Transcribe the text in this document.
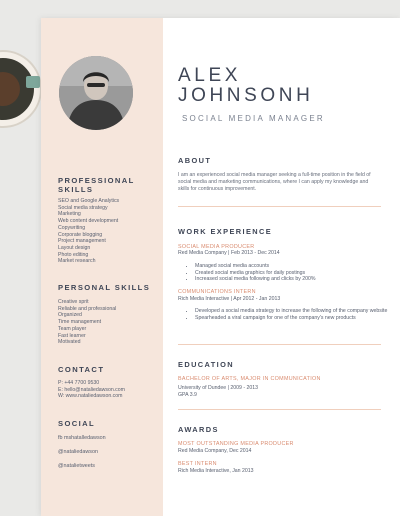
PROFESSIONAL SKILLS
SEO and Google Analytics
Social media strategy
Marketing
Web content development
Copywriting
Corporate blogging
Project management
Layout design
Photo editing
Market research
PERSONAL SKILLS
Creative sprit
Reliable and professional
Organized
Time management
Team player
Fast learner
Motivated
CONTACT
P: +44 7700 9530
E: hello@nataliedawson.com
W: www.nataliedawson.com
SOCIAL
fb mshatalledawson
@nataliedawson
@natalietweets
ALEX
JOHNSONH
SOCIAL MEDIA MANAGER
ABOUT
I am an experienced social media manager seeking a full-time position in the field of social media and marketing communications, where I can apply my knowledge and skills for continuous improvement.
WORK EXPERIENCE
SOCIAL MEDIA PRODUCER
Red Media Company | Feb 2013 - Dec 2014
• Managed social media accounts
• Created social media graphics for daily postings
• Increased social media following and clicks by 200%
COMMUNICATIONS INTERN
Rich Media Interactive | Apr 2012 - Jan 2013
• Developed a social media strategy to increase the following of the company website
• Spearheaded a viral campaign for one of the company's new products
EDUCATION
BACHELOR OF ARTS, MAJOR IN COMMUNICATION
University of Dundee | 2009 - 2013
GPA 3.9
AWARDS
MOST OUTSTANDING MEDIA PRODUCER
Red Media Company, Dec 2014
BEST INTERN
Rich Media Interactive, Jan 2013
